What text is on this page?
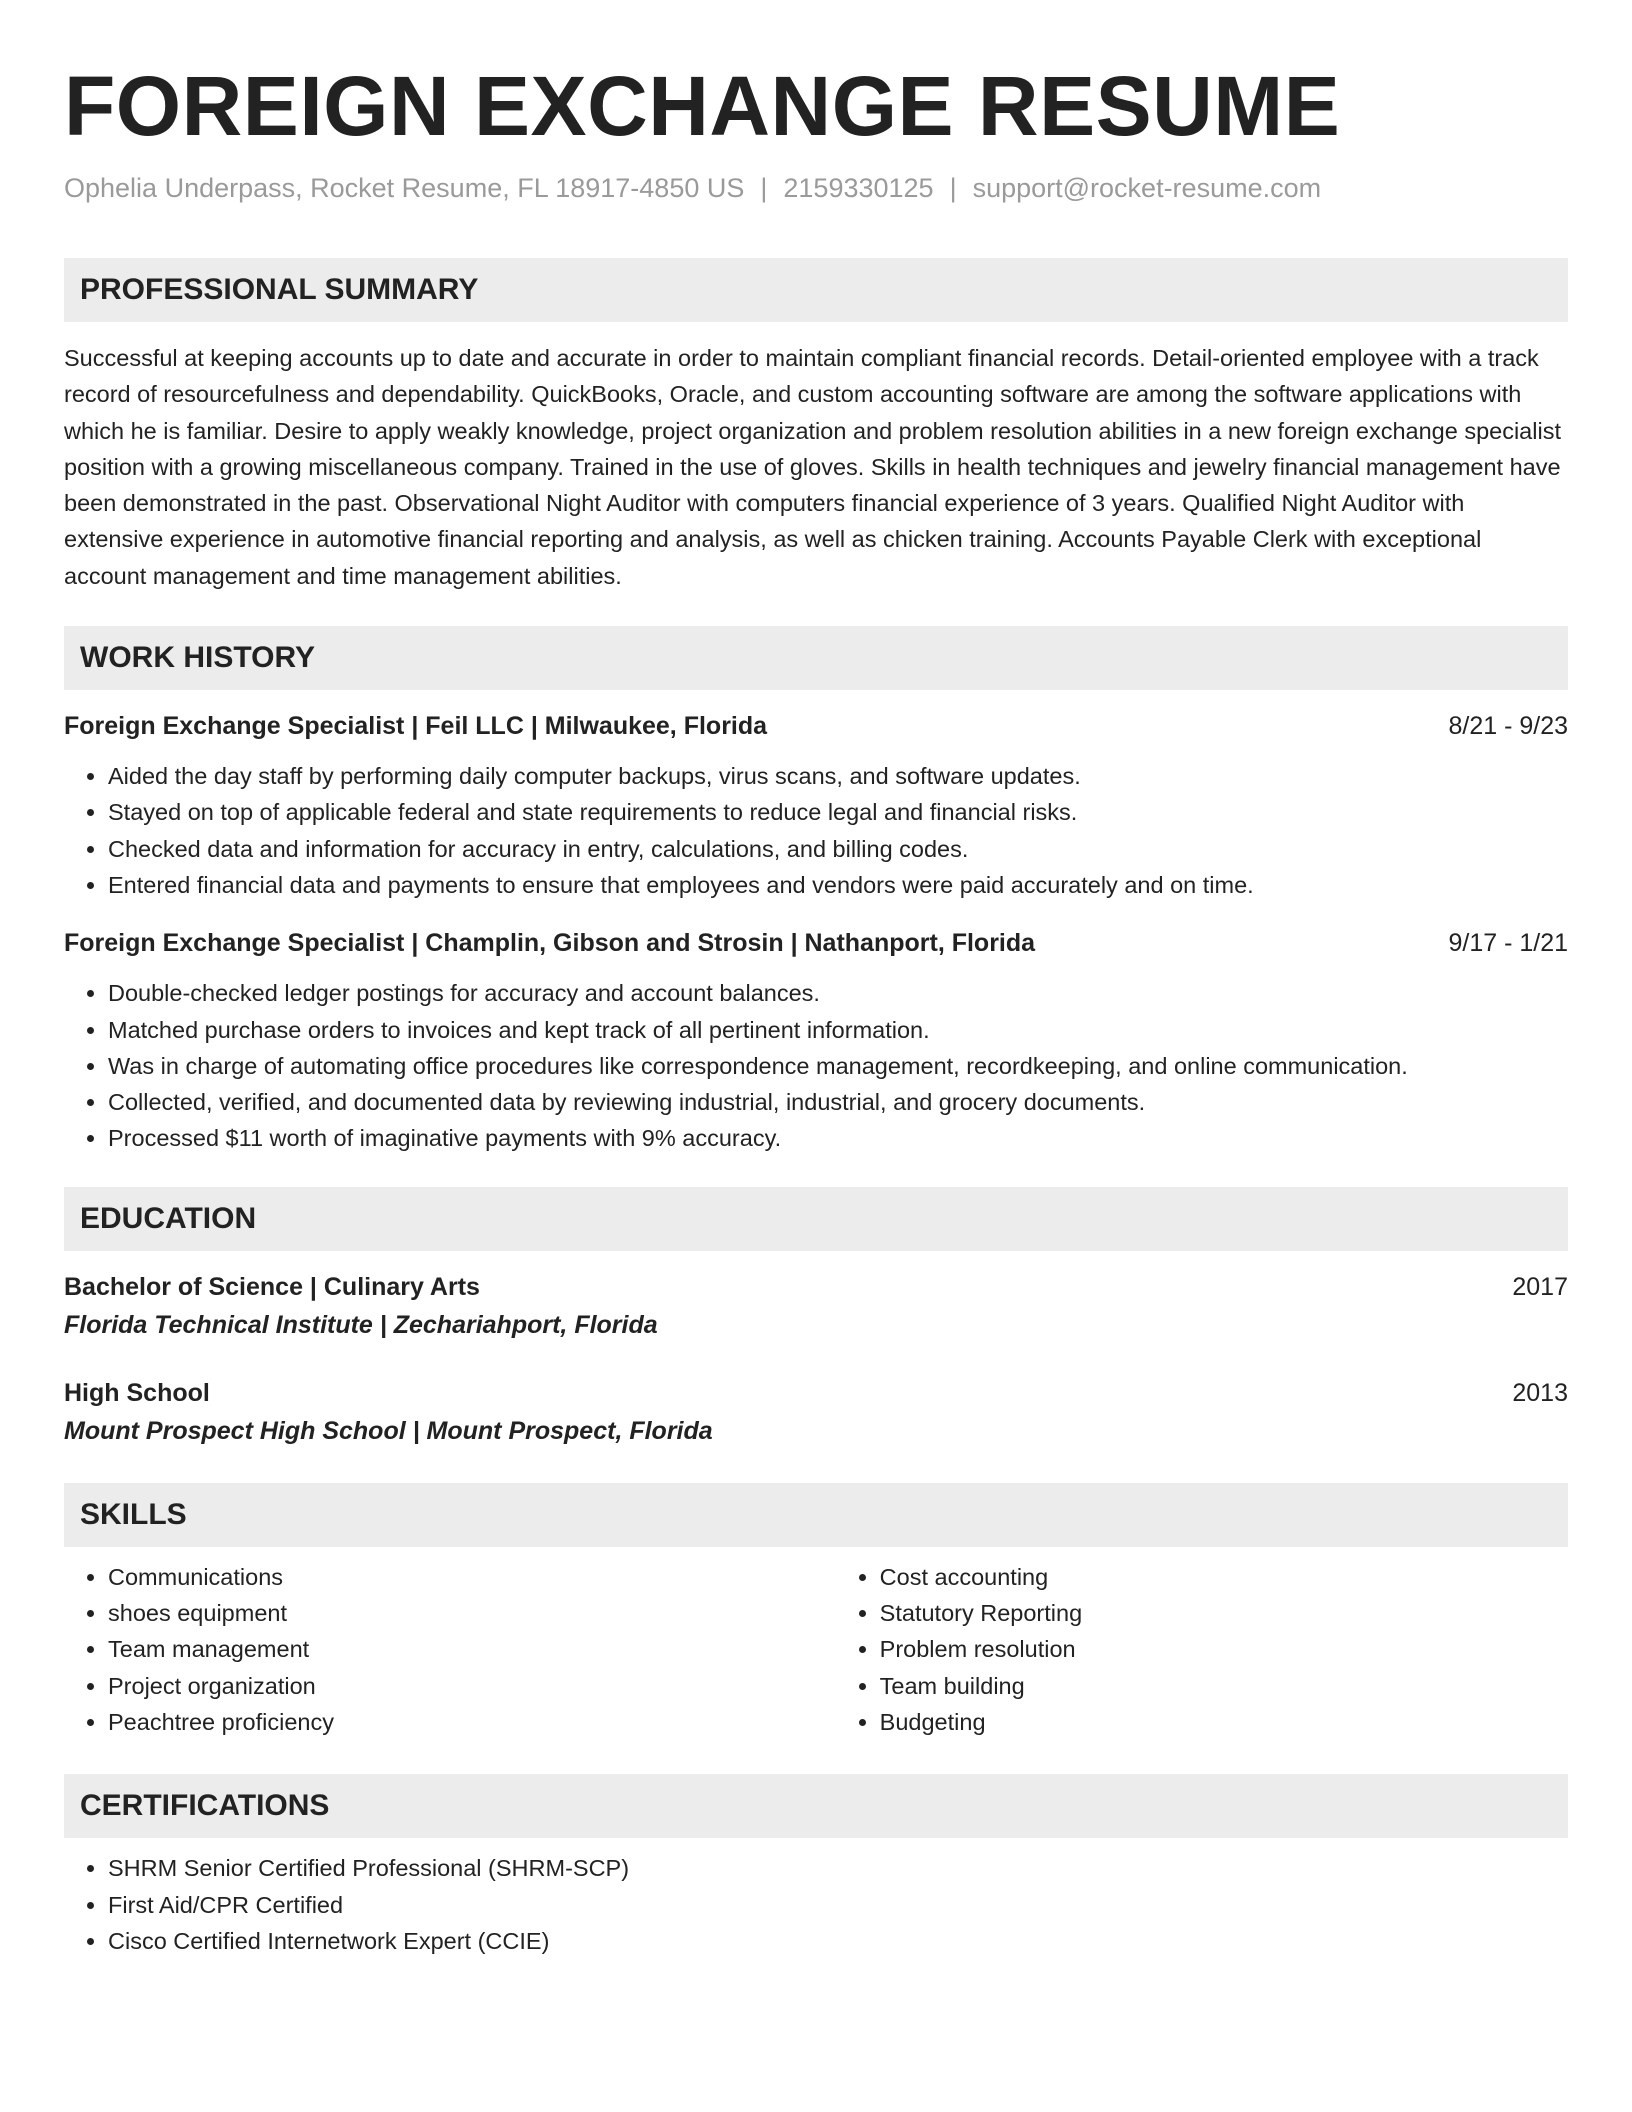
FOREIGN EXCHANGE RESUME
Ophelia Underpass, Rocket Resume, FL 18917-4850 US | 2159330125 | support@rocket-resume.com
PROFESSIONAL SUMMARY

Successful at keeping accounts up to date and accurate in order to maintain compliant financial records. Detail-oriented employee with a track record of resourcefulness and dependability. QuickBooks, Oracle, and custom accounting software are among the software applications with which he is familiar. Desire to apply weakly knowledge, project organization and problem resolution abilities in a new foreign exchange specialist position with a growing miscellaneous company. Trained in the use of gloves. Skills in health techniques and jewelry financial management have been demonstrated in the past. Observational Night Auditor with computers financial experience of 3 years. Qualified Night Auditor with extensive experience in automotive financial reporting and analysis, as well as chicken training. Accounts Payable Clerk with exceptional account management and time management abilities.

WORK HISTORY
Foreign Exchange Specialist | Feil LLC | Milwaukee, Florida	8/21 - 9/23
• Aided the day staff by performing daily computer backups, virus scans, and software updates.
• Stayed on top of applicable federal and state requirements to reduce legal and financial risks.
• Checked data and information for accuracy in entry, calculations, and billing codes.
• Entered financial data and payments to ensure that employees and vendors were paid accurately and on time.
Foreign Exchange Specialist | Champlin, Gibson and Strosin | Nathanport, Florida	9/17 - 1/21
• Double-checked ledger postings for accuracy and account balances.
• Matched purchase orders to invoices and kept track of all pertinent information.
• Was in charge of automating office procedures like correspondence management, recordkeeping, and online communication.
• Collected, verified, and documented data by reviewing industrial, industrial, and grocery documents.
• Processed $11 worth of imaginative payments with 9% accuracy.
EDUCATION
Bachelor of Science | Culinary Arts	2017
Florida Technical Institute | Zechariahport, Florida
High School	2013
Mount Prospect High School | Mount Prospect, Florida
SKILLS
• Communications
• shoes equipment
• Team management
• Project organization
• Peachtree proficiency
• Cost accounting
• Statutory Reporting
• Problem resolution
• Team building
• Budgeting
CERTIFICATIONS
• SHRM Senior Certified Professional (SHRM-SCP)
• First Aid/CPR Certified
• Cisco Certified Internetwork Expert (CCIE)
